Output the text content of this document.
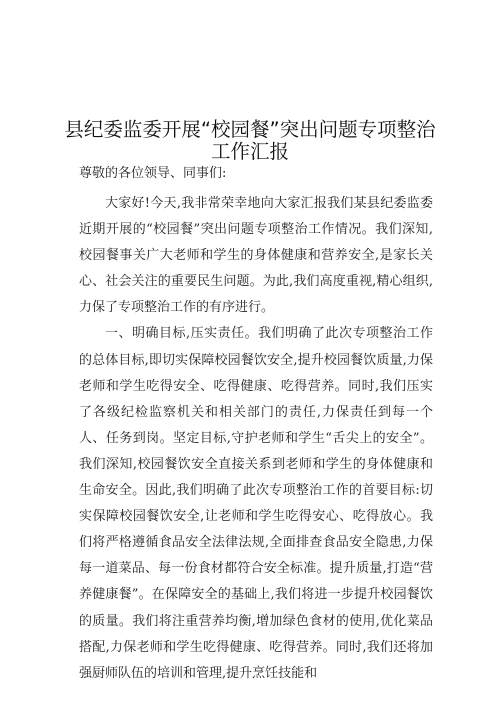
县纪委监委开展“校园餐”突出问题专项整治
工作汇报

尊敬的各位领导、同事们:

大家好!今天,我非常荣幸地向大家汇报我们某县纪委监委近期开展的“校园餐”突出问题专项整治工作情况。我们深知,校园餐事关广大老师和学生的身体健康和营养安全,是家长关心、社会关注的重要民生问题。为此,我们高度重视,精心组织,力保了专项整治工作的有序进行。

一、明确目标,压实责任。我们明确了此次专项整治工作的总体目标,即切实保障校园餐饮安全,提升校园餐饮质量,力保老师和学生吃得安全、吃得健康、吃得营养。同时,我们压实了各级纪检监察机关和相关部门的责任,力保责任到每一个人、任务到岗。坚定目标,守护老师和学生“舌尖上的安全”。我们深知,校园餐饮安全直接关系到老师和学生的身体健康和生命安全。因此,我们明确了此次专项整治工作的首要目标:切实保障校园餐饮安全,让老师和学生吃得安心、吃得放心。我们将严格遵循食品安全法律法规,全面排查食品安全隐患,力保每一道菜品、每一份食材都符合安全标准。提升质量,打造“营养健康餐”。在保障安全的基础上,我们将进一步提升校园餐饮的质量。我们将注重营养均衡,增加绿色食材的使用,优化菜品搭配,力保老师和学生吃得健康、吃得营养。同时,我们还将加强厨师队伍的培训和管理,提升烹饪技能和
